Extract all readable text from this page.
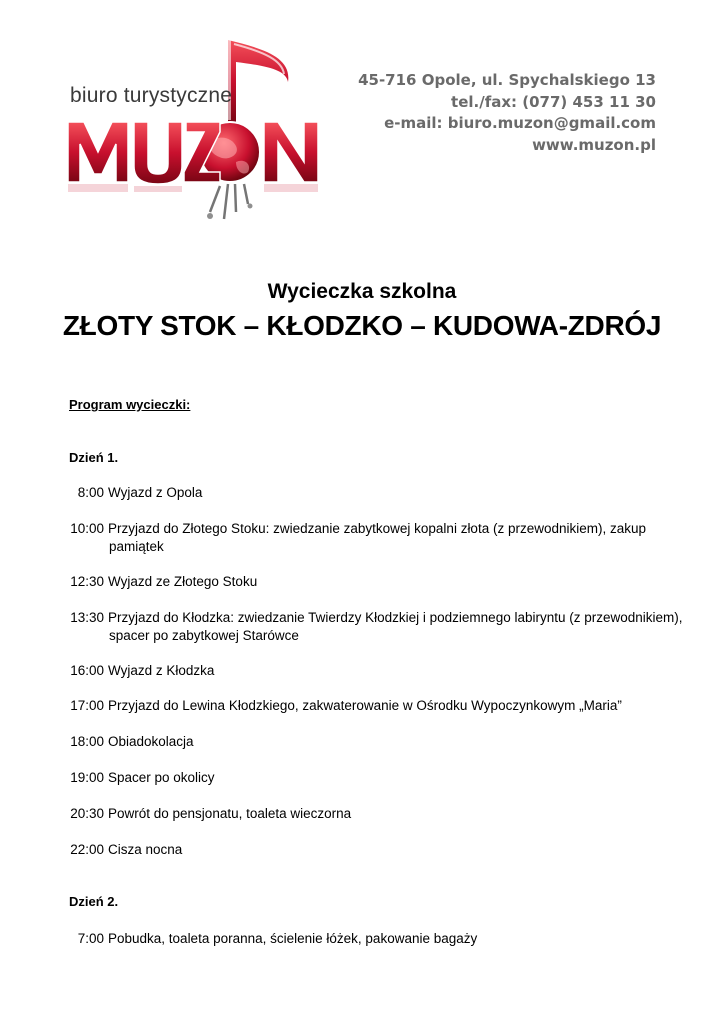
biuro turystyczne
45-716 Opole, ul. Spychalskiego 13
tel./fax: (077) 453 11 30
e-mail: biuro.muzon@gmail.com
www.muzon.pl
Wycieczka szkolna
ZŁOTY STOK – KŁODZKO – KUDOWA-ZDRÓJ
Program wycieczki:
Dzień 1.
8:00 Wyjazd z Opola
10:00 Przyjazd do Złotego Stoku: zwiedzanie zabytkowej kopalni złota (z przewodnikiem), zakup
pamiątek
12:30 Wyjazd ze Złotego Stoku
13:30 Przyjazd do Kłodzka: zwiedzanie Twierdzy Kłodzkiej i podziemnego labiryntu (z przewodnikiem),
spacer po zabytkowej Starówce
16:00 Wyjazd z Kłodzka
17:00 Przyjazd do Lewina Kłodzkiego, zakwaterowanie w Ośrodku Wypoczynkowym „Maria”
18:00 Obiadokolacja
19:00 Spacer po okolicy
20:30 Powrót do pensjonatu, toaleta wieczorna
22:00 Cisza nocna
Dzień 2.
7:00 Pobudka, toaleta poranna, ścielenie łóżek, pakowanie bagaży
